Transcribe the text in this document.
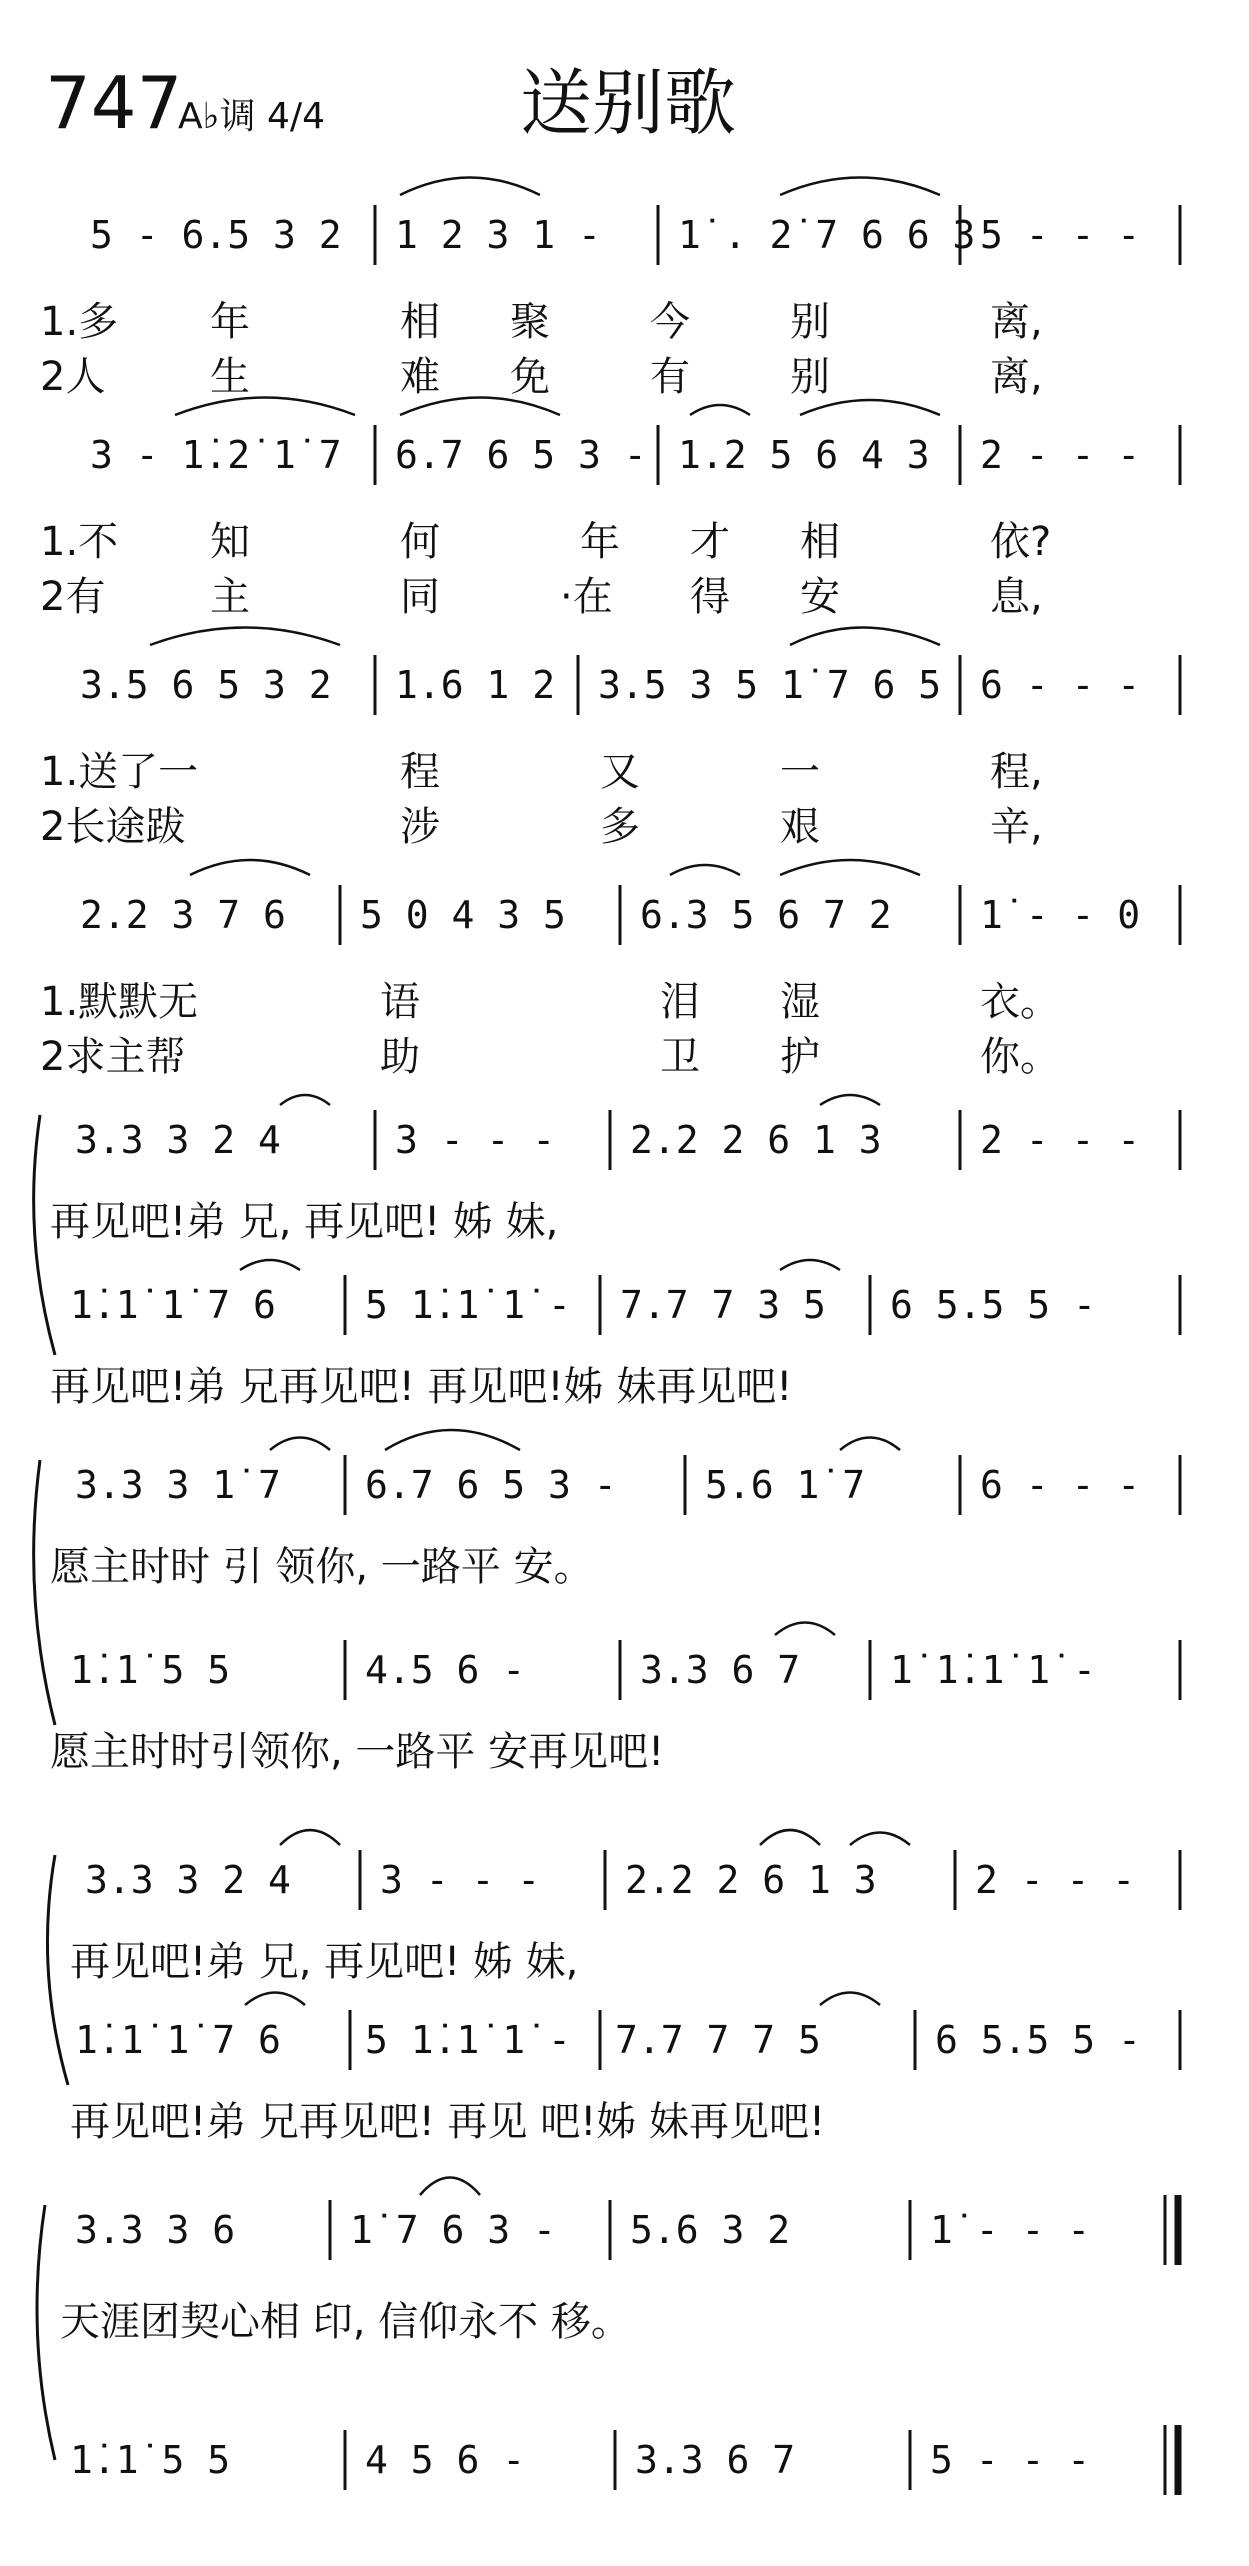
747
A♭调 4/4	送别歌
5 - 6.5 3 2 1 2 3 1 - 1̇ . 2̇ 7 6 6 3 5 - - -
1.多 年	相 聚	今	别	离,
2人	生	难 免	有	别	离,
3 - 1̇.2̇ 1̇ 7 6.7 6 5 3 - 1.2 5 6 4 3 2 - - -
1.不 知	何	年 才 相	依?
2有	主	同	·在 得 安	息,
3.5 6 5 3 2 1.6 1 2 3.5 3 5 1̇ 7 6 5 6 - - -
1.送了一	程	又	一	程,
2长途跋	涉	多	艰	辛,
2.2 3 7 6 5 0 4 3 5 6.3 5 6 7 2 1̇ - - 0
1.默默无	语	泪 湿	衣。
2求主帮	助	卫 护	你。
3.3 3 2 4	3 - - - 2.2 2 6 1 3	2 - - -
再见吧!弟 兄, 再见吧! 姊 妹,
1̇.1̇ 1̇ 7 6 5 1̇.1̇ 1̇ - 7.7 7 3 5 6 5.5 5 -
再见吧!弟 兄再见吧! 再见吧!姊 妹再见吧!
3.3 3 1̇ 7 6.7 6 5 3 - 5.6 1̇ 7	6 - - -
愿主时时 引 领你, 一路平 安。
1̇.1̇ 5 5	4.5 6 -	3.3 6 7 1̇ 1̇.1̇ 1̇ -
愿主时时引领你, 一路平 安再见吧!
3.3 3 2 4 3 - - - 2.2 2 6 1 3	2 - - -
再见吧!弟 兄, 再见吧! 姊 妹,
1̇.1̇ 1̇ 7 6 5 1̇.1̇ 1̇ - 7.7 7 7 5	6 5.5 5 -
再见吧!弟 兄再见吧! 再见 吧!姊 妹再见吧!
3.3 3 6	1̇ 7 6 3 - 5.6 3 2	1̇ - - -
天涯团契心相 印, 信仰永不 移。
1̇.1̇ 5 5	4 5 6 -	3.3 6 7	5 - - -
